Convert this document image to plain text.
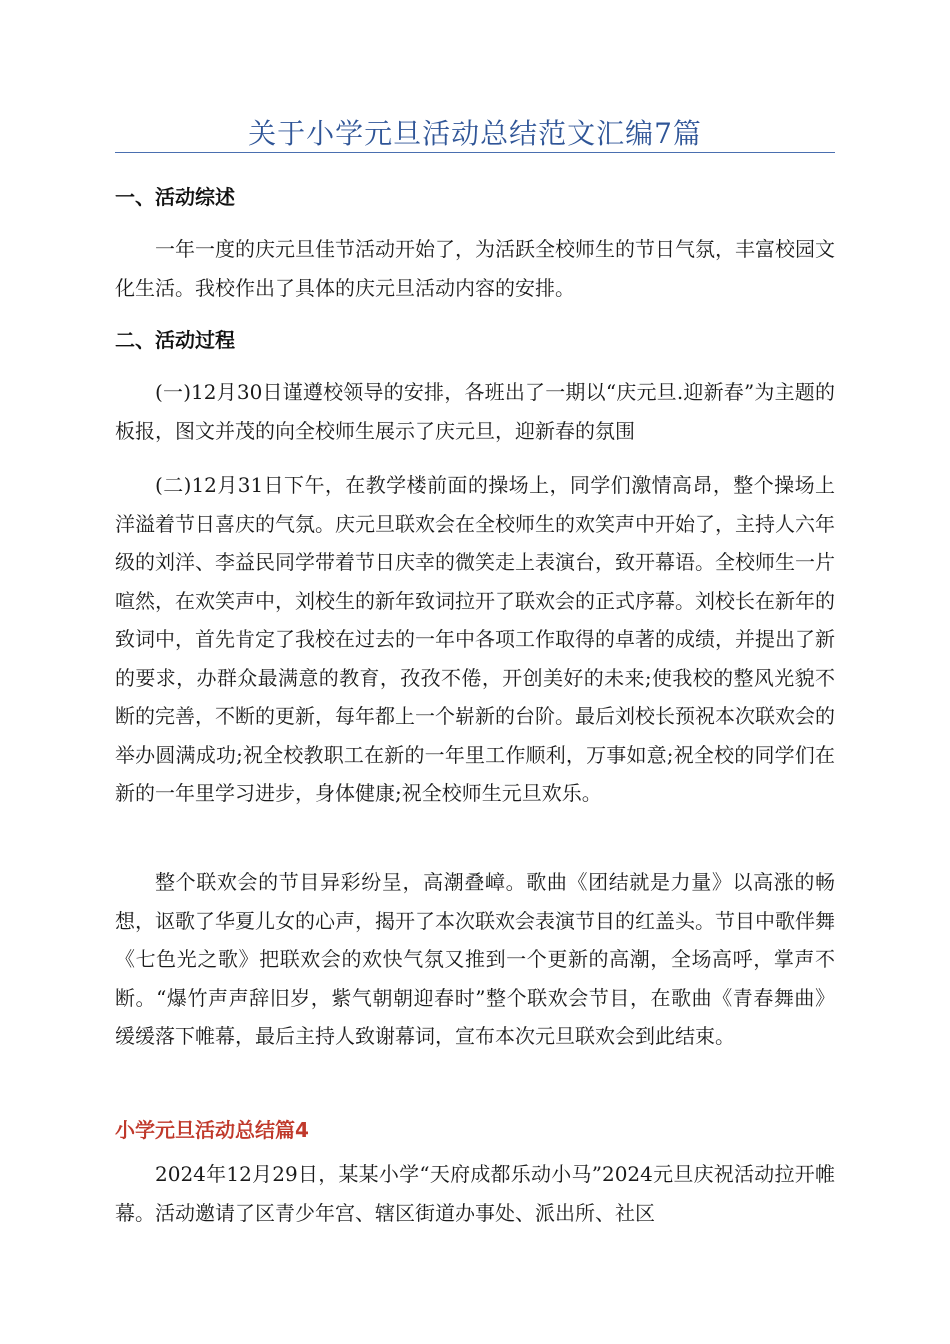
关于小学元旦活动总结范文汇编7篇
一、活动综述

一年一度的庆元旦佳节活动开始了，为活跃全校师生的节日气氛，丰富校园文化生活。我校作出了具体的庆元旦活动内容的安排。

二、活动过程

(一)12月30日谨遵校领导的安排，各班出了一期以“庆元旦.迎新春”为主题的板报，图文并茂的向全校师生展示了庆元旦，迎新春的氛围

(二)12月31日下午，在教学楼前面的操场上，同学们激情高昂，整个操场上洋溢着节日喜庆的气氛。庆元旦联欢会在全校师生的欢笑声中开始了，主持人六年级的刘洋、李益民同学带着节日庆幸的微笑走上表演台，致开幕语。全校师生一片喧然，在欢笑声中，刘校生的新年致词拉开了联欢会的正式序幕。刘校长在新年的致词中，首先肯定了我校在过去的一年中各项工作取得的卓著的成绩，并提出了新的要求，办群众最满意的教育，孜孜不倦，开创美好的未来;使我校的整风光貌不断的完善，不断的更新，每年都上一个崭新的台阶。最后刘校长预祝本次联欢会的举办圆满成功;祝全校教职工在新的一年里工作顺利，万事如意;祝全校的同学们在新的一年里学习进步，身体健康;祝全校师生元旦欢乐。

整个联欢会的节目异彩纷呈，高潮叠嶂。歌曲《团结就是力量》以高涨的畅想，讴歌了华夏儿女的心声，揭开了本次联欢会表演节目的红盖头。节目中歌伴舞《七色光之歌》把联欢会的欢快气氛又推到一个更新的高潮，全场高呼，掌声不断。“爆竹声声辞旧岁，紫气朝朝迎春时”整个联欢会节目，在歌曲《青春舞曲》缓缓落下帷幕，最后主持人致谢幕词，宣布本次元旦联欢会到此结束。

小学元旦活动总结篇4

2024年12月29日，某某小学“天府成都乐动小马”2024元旦庆祝活动拉开帷幕。活动邀请了区青少年宫、辖区街道办事处、派出所、社区
